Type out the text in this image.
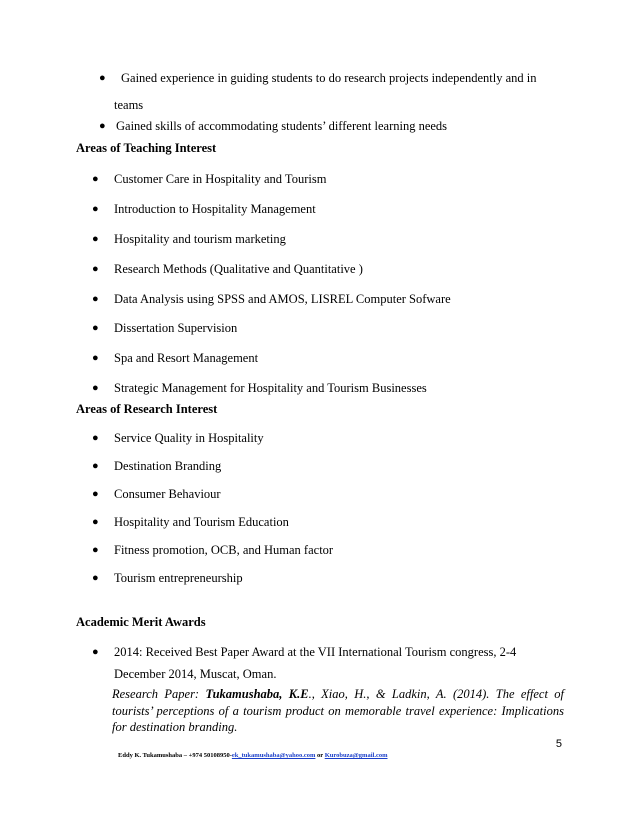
● Gained experience in guiding students to do research projects independently and in
teams
● Gained skills of accommodating students’ different learning needs
Areas of Teaching Interest
● Customer Care in Hospitality and Tourism
● Introduction to Hospitality Management
● Hospitality and tourism marketing
● Research Methods (Qualitative and Quantitative )
● Data Analysis using SPSS and AMOS, LISREL Computer Sofware
● Dissertation Supervision
● Spa and Resort Management
● Strategic Management for Hospitality and Tourism Businesses
Areas of Research Interest
● Service Quality in Hospitality
● Destination Branding
● Consumer Behaviour
● Hospitality and Tourism Education
● Fitness promotion, OCB, and Human factor
● Tourism entrepreneurship
Academic Merit Awards
● 2014: Received Best Paper Award at the VII International Tourism congress, 2-4
December 2014, Muscat, Oman.
Research Paper: Tukamushaba, K.E., Xiao, H., & Ladkin, A. (2014). The effect of tourists’ perceptions of a tourism product on memorable travel experience: Implications for destination branding.
5
Eddy K. Tukamushaba – +974 50108950-ek_tukamushaba@yahoo.com or Kurobuza@gmail.com
